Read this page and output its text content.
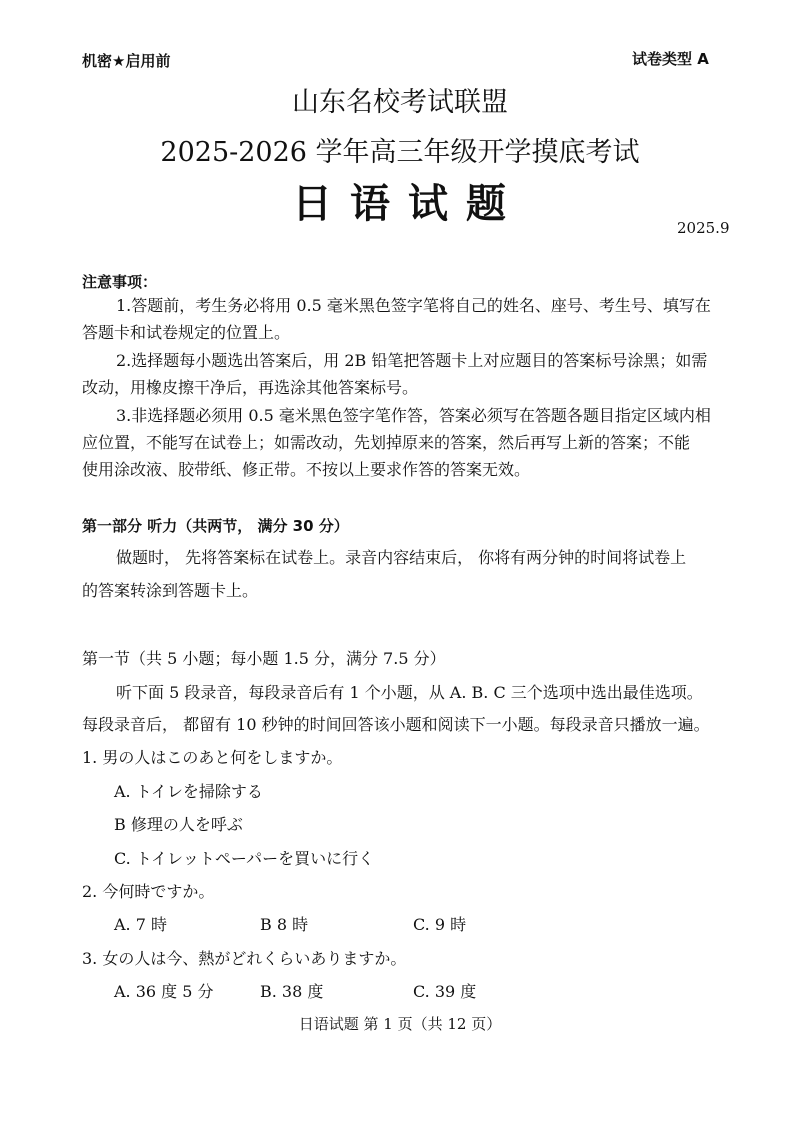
机密★启用前	试卷类型 A
山东名校考试联盟
2025-2026 学年高三年级开学摸底考试
日 语 试 题
2025.9
注意事项：
1.答题前，考生务必将用 0.5 毫米黑色签字笔将自己的姓名、座号、考生号、填写在
答题卡和试卷规定的位置上。
2.选择题每小题选出答案后，用 2B 铅笔把答题卡上对应题目的答案标号涂黑；如需
改动，用橡皮擦干净后，再选涂其他答案标号。
3.非选择题必须用 0.5 毫米黑色签字笔作答，答案必须写在答题各题目指定区域内相
应位置，不能写在试卷上；如需改动，先划掉原来的答案，然后再写上新的答案；不能
使用涂改液、胶带纸、修正带。不按以上要求作答的答案无效。
第一部分 听力（共两节， 满分 30 分）
做题时， 先将答案标在试卷上。录音内容结束后， 你将有两分钟的时间将试卷上
的答案转涂到答题卡上。
第一节（共 5 小题；每小题 1.5 分，满分 7.5 分）
听下面 5 段录音，每段录音后有 1 个小题，从 A. B. C 三个选项中选出最佳选项。
每段录音后， 都留有 10 秒钟的时间回答该小题和阅读下一小题。每段录音只播放一遍。
1. 男の人はこのあと何をしますか。
A. トイレを掃除する
B 修理の人を呼ぶ
C. トイレットペーパーを買いに行く
2. 今何時ですか。
A. 7 時	B 8 時	C. 9 時
3. 女の人は今、熱がどれくらいありますか。
A. 36 度 5 分	B. 38 度	C. 39 度
日语试题 第 1 页（共 12 页）
